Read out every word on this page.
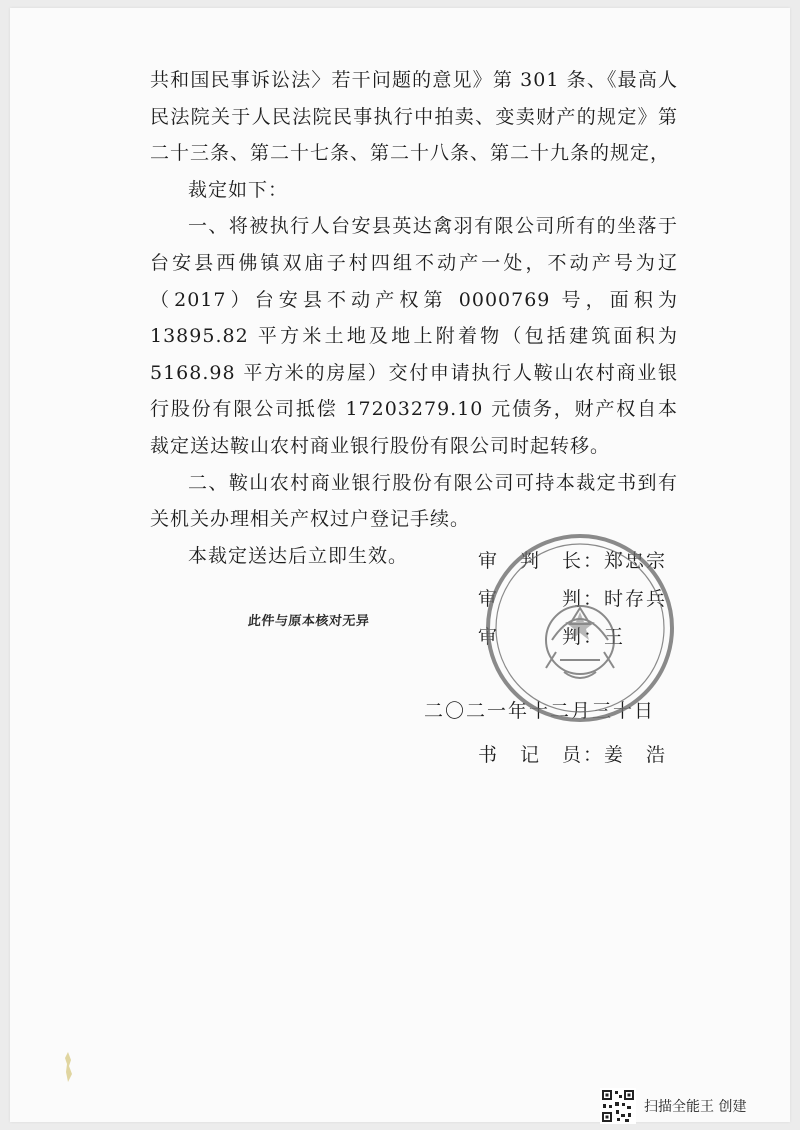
共和国民事诉讼法〉若干问题的意见》第 301 条、《最高人民法院关于人民法院民事执行中拍卖、变卖财产的规定》第二十三条、第二十七条、第二十八条、第二十九条的规定，

裁定如下：

一、将被执行人台安县英达禽羽有限公司所有的坐落于台安县西佛镇双庙子村四组不动产一处，不动产号为辽（2017）台安县不动产权第 0000769 号，面积为 13895.82 平方米土地及地上附着物（包括建筑面积为 5168.98 平方米的房屋）交付申请执行人鞍山农村商业银行股份有限公司抵偿 17203279.10 元债务，财产权自本裁定送达鞍山农村商业银行股份有限公司时起转移。

二、鞍山农村商业银行股份有限公司可持本裁定书到有关机关办理相关产权过户登记手续。

本裁定送达后立即生效。	审　判　长：郑忠宗
审　　　判：时存兵
审　　　判：王
二〇二一年十二月三十日
书　记　员：姜　浩
此件与原本核对无异
扫描全能王 创建
